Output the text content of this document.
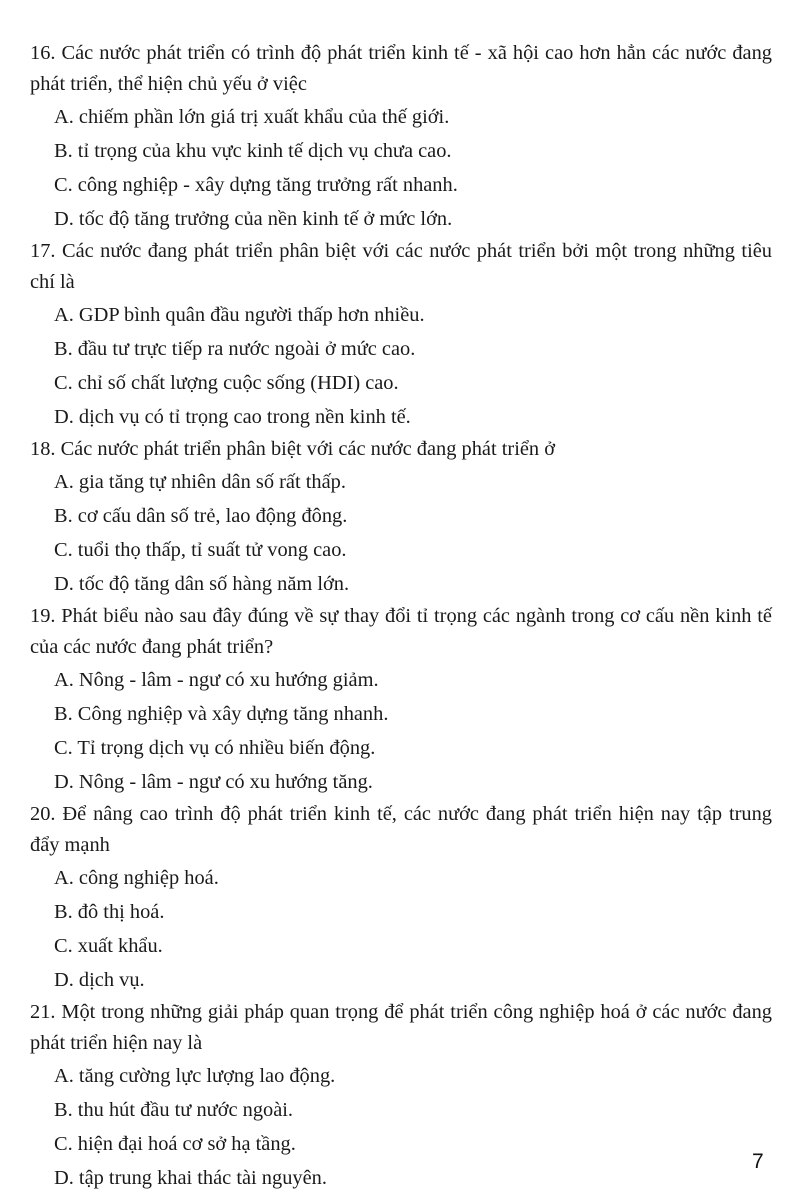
16. Các nước phát triển có trình độ phát triển kinh tế - xã hội cao hơn hẳn các nước đang phát triển, thể hiện chủ yếu ở việc

A. chiếm phần lớn giá trị xuất khẩu của thế giới.
B. tỉ trọng của khu vực kinh tế dịch vụ chưa cao.
C. công nghiệp - xây dựng tăng trưởng rất nhanh.
D. tốc độ tăng trưởng của nền kinh tế ở mức lớn.

17. Các nước đang phát triển phân biệt với các nước phát triển bởi một trong những tiêu chí là

A. GDP bình quân đầu người thấp hơn nhiều.
B. đầu tư trực tiếp ra nước ngoài ở mức cao.
C. chỉ số chất lượng cuộc sống (HDI) cao.
D. dịch vụ có tỉ trọng cao trong nền kinh tế.

18. Các nước phát triển phân biệt với các nước đang phát triển ở

A. gia tăng tự nhiên dân số rất thấp.
B. cơ cấu dân số trẻ, lao động đông.
C. tuổi thọ thấp, tỉ suất tử vong cao.
D. tốc độ tăng dân số hàng năm lớn.

19. Phát biểu nào sau đây đúng về sự thay đổi tỉ trọng các ngành trong cơ cấu nền kinh tế của các nước đang phát triển?

A. Nông - lâm - ngư có xu hướng giảm.
B. Công nghiệp và xây dựng tăng nhanh.
C. Tỉ trọng dịch vụ có nhiều biến động.
D. Nông - lâm - ngư có xu hướng tăng.

20. Để nâng cao trình độ phát triển kinh tế, các nước đang phát triển hiện nay tập trung đẩy mạnh

A. công nghiệp hoá.
B. đô thị hoá.
C. xuất khẩu.
D. dịch vụ.

21. Một trong những giải pháp quan trọng để phát triển công nghiệp hoá ở các nước đang phát triển hiện nay là

A. tăng cường lực lượng lao động.
B. thu hút đầu tư nước ngoài.
C. hiện đại hoá cơ sở hạ tầng.
D. tập trung khai thác tài nguyên.
7
